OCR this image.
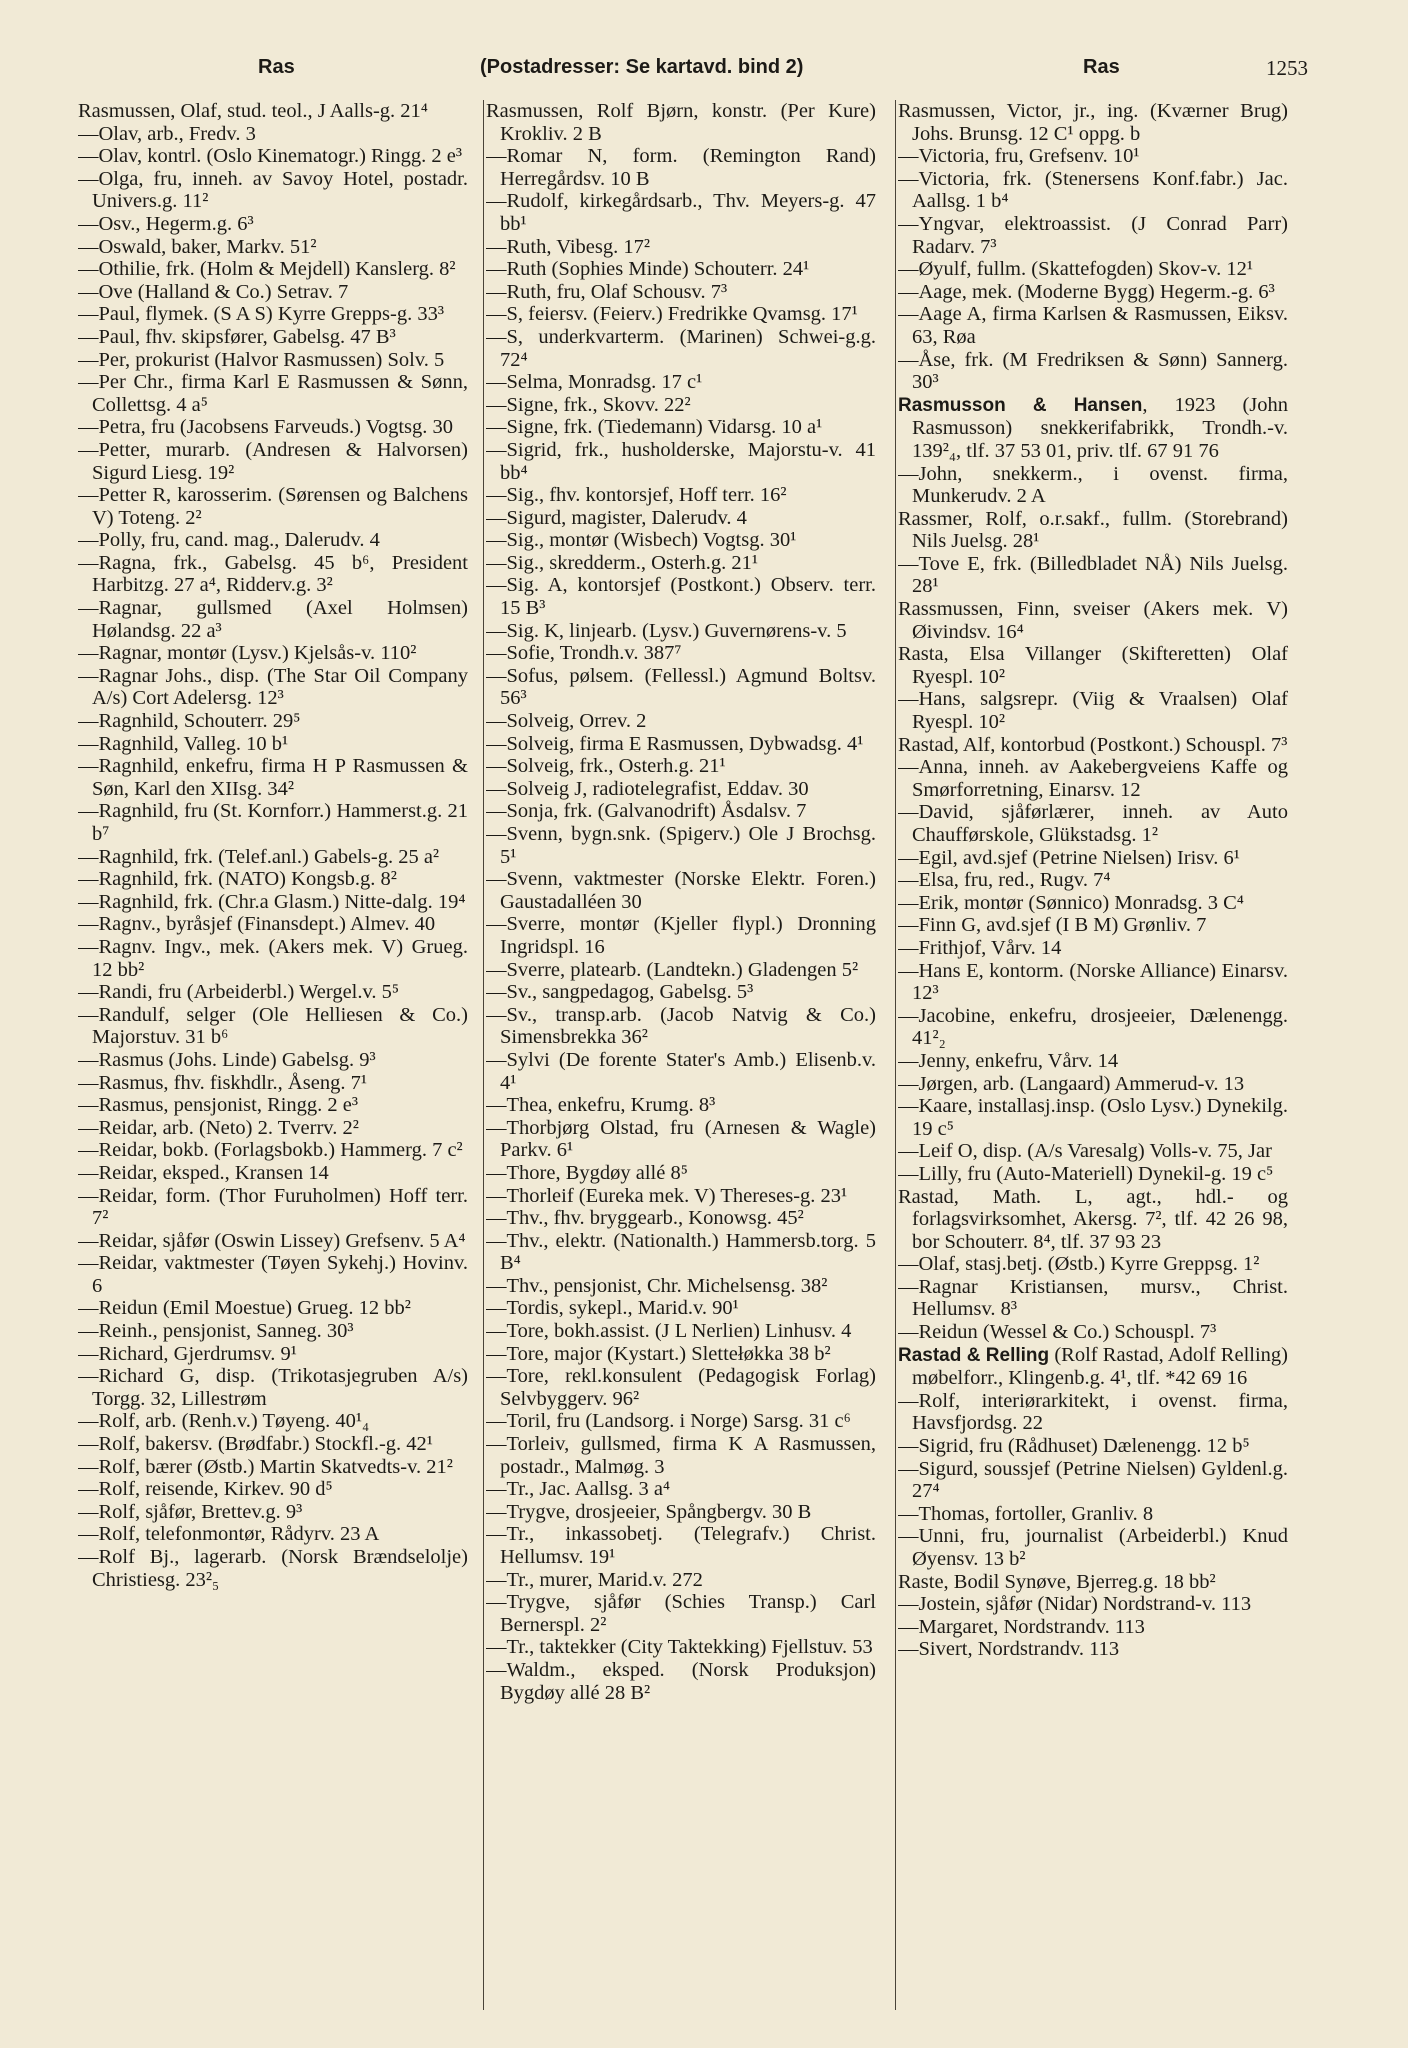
Ras	(Postadresser: Se kartavd. bind 2)	Ras	1253

Rasmussen, Olaf, stud. teol., J Aalls-g. 21⁴

—Olav, arb., Fredv. 3

—Olav, kontrl. (Oslo Kinematogr.) Ringg. 2 e³

—Olga, fru, inneh. av Savoy Hotel, postadr. Univers.g. 11²

—Osv., Hegerm.g. 6³

—Oswald, baker, Markv. 51²

—Othilie, frk. (Holm & Mejdell) Kanslerg. 8²

—Ove (Halland & Co.) Setrav. 7

—Paul, flymek. (S A S) Kyrre Grepps-g. 33³

—Paul, fhv. skipsfører, Gabelsg. 47 B³

—Per, prokurist (Halvor Rasmussen) Solv. 5

—Per Chr., firma Karl E Rasmussen & Sønn, Collettsg. 4 a⁵

—Petra, fru (Jacobsens Farveuds.) Vogtsg. 30

—Petter, murarb. (Andresen & Halvorsen) Sigurd Liesg. 19²

—Petter R, karosserim. (Sørensen og Balchens V) Toteng. 2²

—Polly, fru, cand. mag., Dalerudv. 4

—Ragna, frk., Gabelsg. 45 b⁶, President Harbitzg. 27 a⁴, Ridderv.g. 3²

—Ragnar, gullsmed (Axel Holmsen) Hølandsg. 22 a³

—Ragnar, montør (Lysv.) Kjelsås-v. 110²

—Ragnar Johs., disp. (The Star Oil Company A/s) Cort Adelersg. 12³

—Ragnhild, Schouterr. 29⁵

—Ragnhild, Valleg. 10 b¹

—Ragnhild, enkefru, firma H P Rasmussen & Søn, Karl den XIIsg. 34²

—Ragnhild, fru (St. Kornforr.) Hammerst.g. 21 b⁷

—Ragnhild, frk. (Telef.anl.) Gabels-g. 25 a²

—Ragnhild, frk. (NATO) Kongsb.g. 8²

—Ragnhild, frk. (Chr.a Glasm.) Nitte-dalg. 19⁴

—Ragnv., byråsjef (Finansdept.) Almev. 40

—Ragnv. Ingv., mek. (Akers mek. V) Grueg. 12 bb²

—Randi, fru (Arbeiderbl.) Wergel.v. 5⁵

—Randulf, selger (Ole Helliesen & Co.) Majorstuv. 31 b⁶

—Rasmus (Johs. Linde) Gabelsg. 9³

—Rasmus, fhv. fiskhdlr., Åseng. 7¹

—Rasmus, pensjonist, Ringg. 2 e³

—Reidar, arb. (Neto) 2. Tverrv. 2²

—Reidar, bokb. (Forlagsbokb.) Hammerg. 7 c²

—Reidar, eksped., Kransen 14

—Reidar, form. (Thor Furuholmen) Hoff terr. 7²

—Reidar, sjåfør (Oswin Lissey) Grefsenv. 5 A⁴

—Reidar, vaktmester (Tøyen Sykehj.) Hovinv. 6

—Reidun (Emil Moestue) Grueg. 12 bb²

—Reinh., pensjonist, Sanneg. 30³

—Richard, Gjerdrumsv. 9¹

—Richard G, disp. (Trikotasjegruben A/s) Torgg. 32, Lillestrøm

—Rolf, arb. (Renh.v.) Tøyeng. 40¹₄

—Rolf, bakersv. (Brødfabr.) Stockfl.-g. 42¹

—Rolf, bærer (Østb.) Martin Skatvedts-v. 21²

—Rolf, reisende, Kirkev. 90 d⁵

—Rolf, sjåfør, Brettev.g. 9³

—Rolf, telefonmontør, Rådyrv. 23 A

—Rolf Bj., lagerarb. (Norsk Brændselolje) Christiesg. 23²₅

Rasmussen, Rolf Bjørn, konstr. (Per Kure) Krokliv. 2 B

—Romar N, form. (Remington Rand) Herregårdsv. 10 B

—Rudolf, kirkegårdsarb., Thv. Meyers-g. 47 bb¹

—Ruth, Vibesg. 17²

—Ruth (Sophies Minde) Schouterr. 24¹

—Ruth, fru, Olaf Schousv. 7³

—S, feiersv. (Feierv.) Fredrikke Qvamsg. 17¹

—S, underkvarterm. (Marinen) Schwei-g.g. 72⁴

—Selma, Monradsg. 17 c¹

—Signe, frk., Skovv. 22²

—Signe, frk. (Tiedemann) Vidarsg. 10 a¹

—Sigrid, frk., husholderske, Majorstu-v. 41 bb⁴

—Sig., fhv. kontorsjef, Hoff terr. 16²

—Sigurd, magister, Dalerudv. 4

—Sig., montør (Wisbech) Vogtsg. 30¹

—Sig., skredderm., Osterh.g. 21¹

—Sig. A, kontorsjef (Postkont.) Observ. terr. 15 B³

—Sig. K, linjearb. (Lysv.) Guvernørens-v. 5

—Sofie, Trondh.v. 387⁷

—Sofus, pølsem. (Fellessl.) Agmund Boltsv. 56³

—Solveig, Orrev. 2

—Solveig, firma E Rasmussen, Dybwadsg. 4¹

—Solveig, frk., Osterh.g. 21¹

—Solveig J, radiotelegrafist, Eddav. 30

—Sonja, frk. (Galvanodrift) Åsdalsv. 7

—Svenn, bygn.snk. (Spigerv.) Ole J Brochsg. 5¹

—Svenn, vaktmester (Norske Elektr. Foren.) Gaustadalléen 30

—Sverre, montør (Kjeller flypl.) Dronning Ingridspl. 16

—Sverre, platearb. (Landtekn.) Gladengen 5²

—Sv., sangpedagog, Gabelsg. 5³

—Sv., transp.arb. (Jacob Natvig & Co.) Simensbrekka 36²

—Sylvi (De forente Stater's Amb.) Elisenb.v. 4¹

—Thea, enkefru, Krumg. 8³

—Thorbjørg Olstad, fru (Arnesen & Wagle) Parkv. 6¹

—Thore, Bygdøy allé 8⁵

—Thorleif (Eureka mek. V) Thereses-g. 23¹

—Thv., fhv. bryggearb., Konowsg. 45²

—Thv., elektr. (Nationalth.) Hammersb.torg. 5 B⁴

—Thv., pensjonist, Chr. Michelsensg. 38²

—Tordis, sykepl., Marid.v. 90¹

—Tore, bokh.assist. (J L Nerlien) Linhusv. 4

—Tore, major (Kystart.) Slettełøkka 38 b²

—Tore, rekl.konsulent (Pedagogisk Forlag) Selvbyggerv. 96²

—Toril, fru (Landsorg. i Norge) Sarsg. 31 c⁶

—Torleiv, gullsmed, firma K A Rasmussen, postadr., Malmøg. 3

—Tr., Jac. Aallsg. 3 a⁴

—Trygve, drosjeeier, Spångbergv. 30 B

—Tr., inkassobetj. (Telegrafv.) Christ. Hellumsv. 19¹

—Tr., murer, Marid.v. 272

—Trygve, sjåfør (Schies Transp.) Carl Bernerspl. 2²

—Tr., taktekker (City Taktekking) Fjellstuv. 53

—Waldm., eksped. (Norsk Produksjon) Bygdøy allé 28 B²

Rasmussen, Victor, jr., ing. (Kværner Brug) Johs. Brunsg. 12 C¹ oppg. b

—Victoria, fru, Grefsenv. 10¹

—Victoria, frk. (Stenersens Konf.fabr.) Jac. Aallsg. 1 b⁴

—Yngvar, elektroassist. (J Conrad Parr) Radarv. 7³

—Øyulf, fullm. (Skattefogden) Skov-v. 12¹

—Aage, mek. (Moderne Bygg) Hegerm.-g. 6³

—Aage A, firma Karlsen & Rasmussen, Eiksv. 63, Røa

—Åse, frk. (M Fredriksen & Sønn) Sannerg. 30³

Rasmusson & Hansen, 1923 (John Rasmusson) snekkerifabrikk, Trondh.-v. 139²₄, tlf. 37 53 01, priv. tlf. 67 91 76

—John, snekkerm., i ovenst. firma, Munkerudv. 2 A

Rassmer, Rolf, o.r.sakf., fullm. (Storebrand) Nils Juelsg. 28¹

—Tove E, frk. (Billedbladet NÅ) Nils Juelsg. 28¹

Rassmussen, Finn, sveiser (Akers mek. V) Øivindsv. 16⁴

Rasta, Elsa Villanger (Skifteretten) Olaf Ryespl. 10²

—Hans, salgsrepr. (Viig & Vraalsen) Olaf Ryespl. 10²

Rastad, Alf, kontorbud (Postkont.) Schouspl. 7³

—Anna, inneh. av Aakebergveiens Kaffe og Smørforretning, Einarsv. 12

—David, sjåførlærer, inneh. av Auto Chaufførskole, Glükstadsg. 1²

—Egil, avd.sjef (Petrine Nielsen) Irisv. 6¹

—Elsa, fru, red., Rugv. 7⁴

—Erik, montør (Sønnico) Monradsg. 3 C⁴

—Finn G, avd.sjef (I B M) Grønliv. 7

—Frithjof, Vårv. 14

—Hans E, kontorm. (Norske Alliance) Einarsv. 12³

—Jacobine, enkefru, drosjeeier, Dælenengg. 41²₂

—Jenny, enkefru, Vårv. 14

—Jørgen, arb. (Langaard) Ammerud-v. 13

—Kaare, installasj.insp. (Oslo Lysv.) Dynekilg. 19 c⁵

—Leif O, disp. (A/s Varesalg) Volls-v. 75, Jar

—Lilly, fru (Auto-Materiell) Dynekil-g. 19 c⁵

Rastad, Math. L, agt., hdl.- og forlagsvirksomhet, Akersg. 7², tlf. 42 26 98, bor Schouterr. 8⁴, tlf. 37 93 23

—Olaf, stasj.betj. (Østb.) Kyrre Greppsg. 1²

—Ragnar Kristiansen, mursv., Christ. Hellumsv. 8³

—Reidun (Wessel & Co.) Schouspl. 7³

Rastad & Relling (Rolf Rastad, Adolf Relling) møbelforr., Klingenb.g. 4¹, tlf. *42 69 16

—Rolf, interiørarkitekt, i ovenst. firma, Havsfjordsg. 22

—Sigrid, fru (Rådhuset) Dælenengg. 12 b⁵

—Sigurd, soussjef (Petrine Nielsen) Gyldenl.g. 27⁴

—Thomas, fortoller, Granliv. 8

—Unni, fru, journalist (Arbeiderbl.) Knud Øyensv. 13 b²

Raste, Bodil Synøve, Bjerreg.g. 18 bb²

—Jostein, sjåfør (Nidar) Nordstrand-v. 113

—Margaret, Nordstrandv. 113

—Sivert, Nordstrandv. 113
